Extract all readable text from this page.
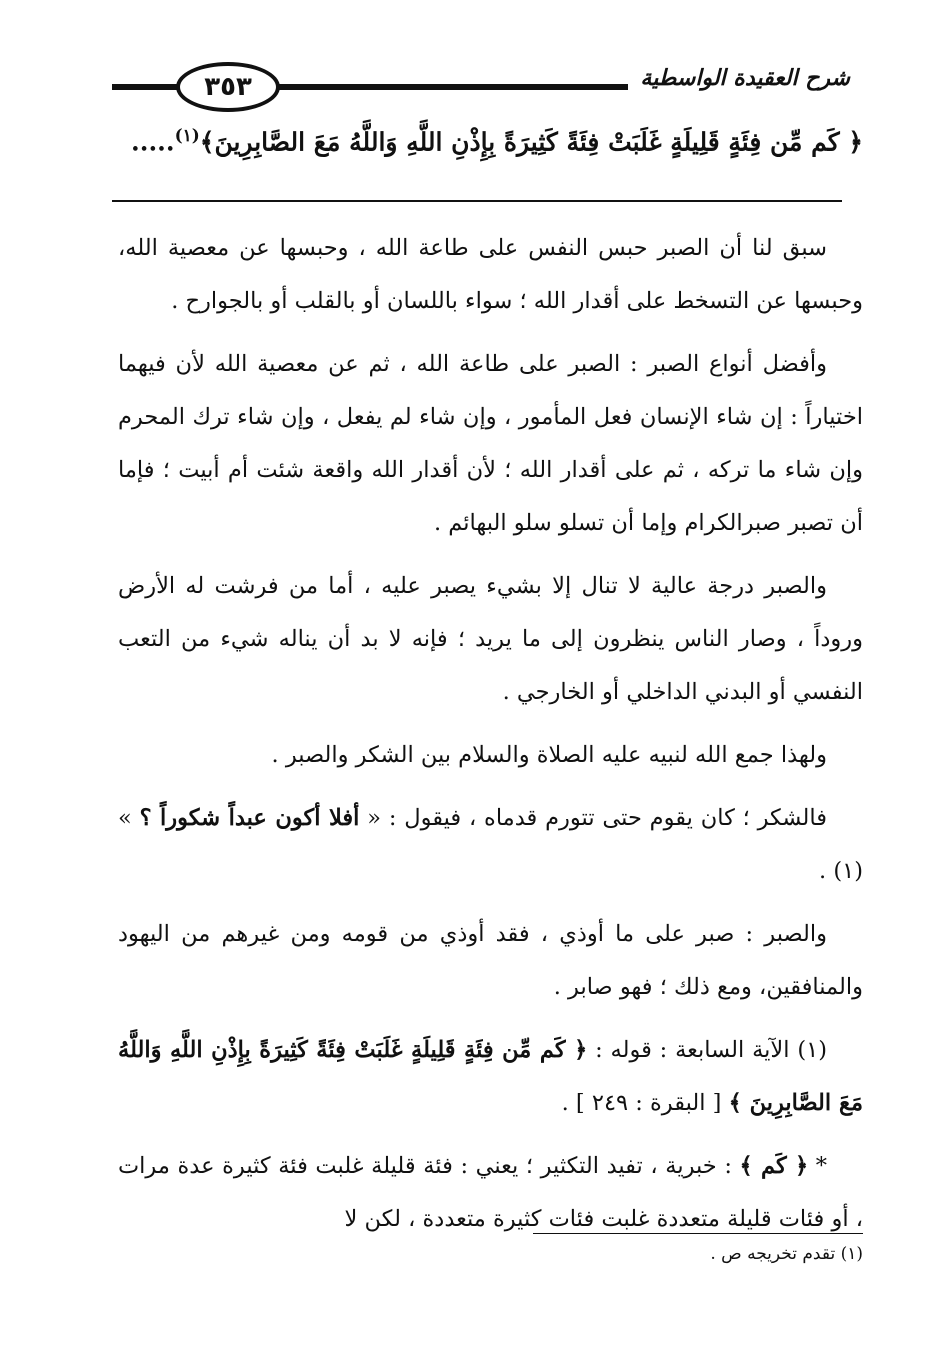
شرح العقيدة الواسطية
٣٥٣
﴿ كَم مِّن فِئَةٍ قَلِيلَةٍ غَلَبَتْ فِئَةً كَثِيرَةً بِإِذْنِ اللَّهِ وَاللَّهُ مَعَ الصَّابِرِينَ﴾$^{(١)}$.....

سبق لنا أن الصبر حبس النفس على طاعة الله ، وحبسها عن معصية الله، وحبسها عن التسخط على أقدار الله ؛ سواء باللسان أو بالقلب أو بالجوارح .

وأفضل أنواع الصبر : الصبر على طاعة الله ، ثم عن معصية الله لأن فيهما اختياراً : إن شاء الإنسان فعل المأمور ، وإن شاء لم يفعل ، وإن شاء ترك المحرم وإن شاء ما تركه ، ثم على أقدار الله ؛ لأن أقدار الله واقعة شئت أم أبيت ؛ فإما أن تصبر صبرالكرام وإما أن تسلو سلو البهائم .

والصبر درجة عالية لا تنال إلا بشيء يصبر عليه ، أما من فرشت له الأرض وروداً ، وصار الناس ينظرون إلى ما يريد ؛ فإنه لا بد أن يناله شيء من التعب النفسي أو البدني الداخلي أو الخارجي .

ولهذا جمع الله لنبيه عليه الصلاة والسلام بين الشكر والصبر .

فالشكر ؛ كان يقوم حتى تتورم قدماه ، فيقول : « أفلا أكون عبداً شكوراً ؟ » (١) .

والصبر : صبر على ما أوذي ، فقد أوذي من قومه ومن غيرهم من اليهود والمنافقين، ومع ذلك ؛ فهو صابر .

(١) الآية السابعة : قوله : ﴿ كَم مِّن فِئَةٍ قَلِيلَةٍ غَلَبَتْ فِئَةً كَثِيرَةً بِإِذْنِ اللَّهِ وَاللَّهُ مَعَ الصَّابِرِينَ ﴾ [ البقرة : ٢٤٩ ] .

* ﴿ كَم ﴾ : خبرية ، تفيد التكثير ؛ يعني : فئة قليلة غلبت فئة كثيرة عدة مرات ، أو فئات قليلة متعددة غلبت فئات كثيرة متعددة ، لكن لا

(١) تقدم تخريجه ص .
